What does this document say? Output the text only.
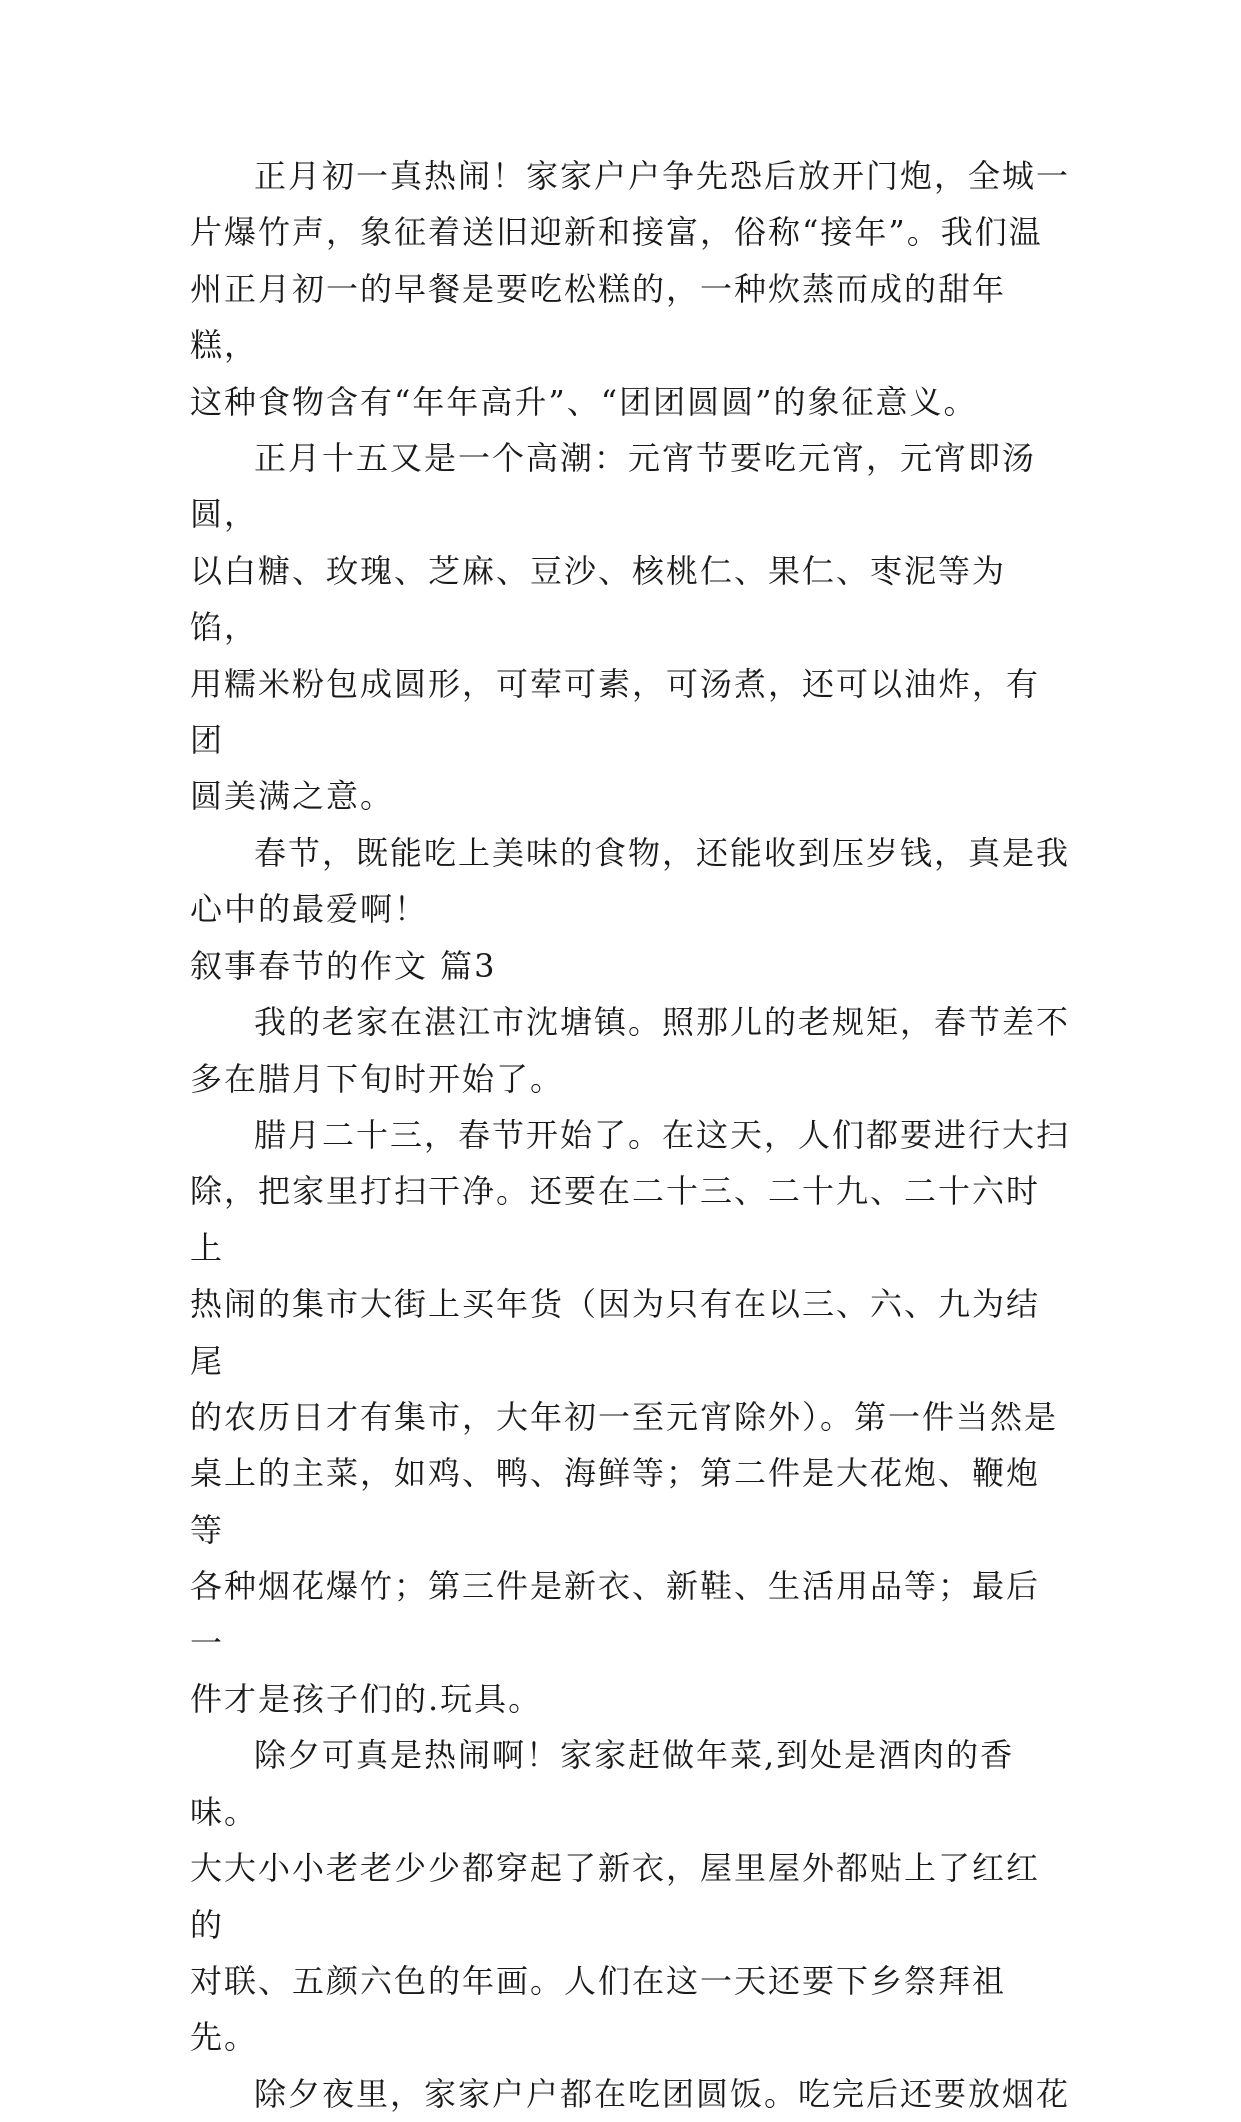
正月初一真热闹！家家户户争先恐后放开门炮，全城一
片爆竹声，象征着送旧迎新和接富，俗称“接年”。我们温
州正月初一的早餐是要吃松糕的，一种炊蒸而成的甜年糕，
这种食物含有“年年高升”、“团团圆圆”的象征意义。

正月十五又是一个高潮：元宵节要吃元宵，元宵即汤圆，
以白糖、玫瑰、芝麻、豆沙、核桃仁、果仁、枣泥等为馅，
用糯米粉包成圆形，可荤可素，可汤煮，还可以油炸，有团
圆美满之意。

春节，既能吃上美味的食物，还能收到压岁钱，真是我
心中的最爱啊！

叙事春节的作文 篇3

我的老家在湛江市沈塘镇。照那儿的老规矩，春节差不
多在腊月下旬时开始了。

腊月二十三，春节开始了。在这天，人们都要进行大扫
除，把家里打扫干净。还要在二十三、二十九、二十六时上
热闹的集市大街上买年货（因为只有在以三、六、九为结尾
的农历日才有集市，大年初一至元宵除外）。第一件当然是
桌上的主菜，如鸡、鸭、海鲜等；第二件是大花炮、鞭炮等
各种烟花爆竹；第三件是新衣、新鞋、生活用品等；最后一
件才是孩子们的.玩具。

除夕可真是热闹啊！家家赶做年菜,到处是酒肉的香味。
大大小小老老少少都穿起了新衣，屋里屋外都贴上了红红的
对联、五颜六色的年画。人们在这一天还要下乡祭拜祖先。

除夕夜里，家家户户都在吃团圆饭。吃完后还要放烟花
